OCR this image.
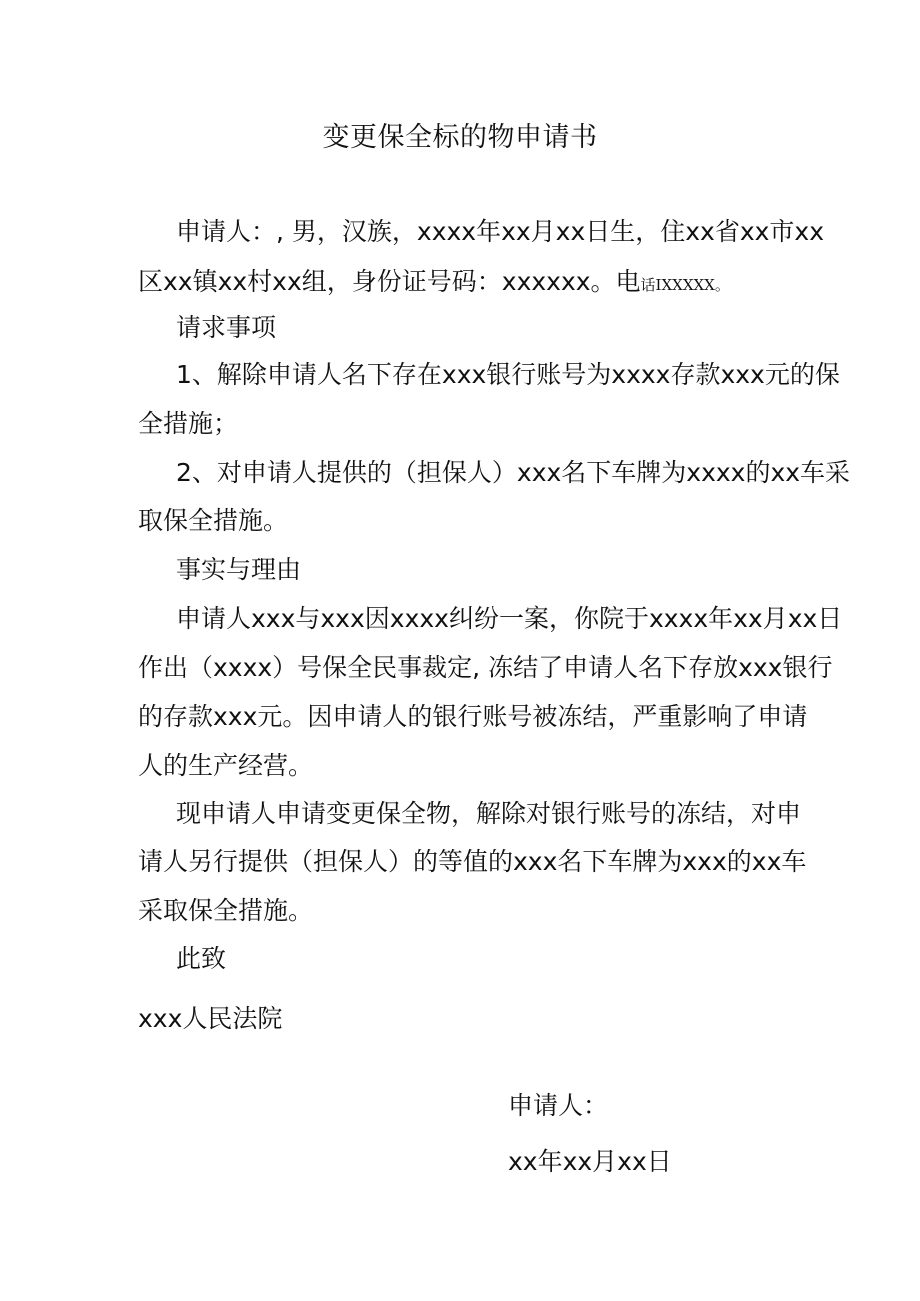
变更保全标的物申请书

申请人：, 男，汉族，xxxx年xx月xx日生，住xx省xx市xx

区xx镇xx村xx组，身份证号码：xxxxxx。电话IXXXXX。

请求事项

1、解除申请人名下存在xxx银行账号为xxxx存款xxx元的保

全措施；

2、对申请人提供的（担保人）xxx名下车牌为xxxx的xx车采

取保全措施。

事实与理由

申请人xxx与xxx因xxxx纠纷一案，你院于xxxx年xx月xx日

作出（xxxx）号保全民事裁定, 冻结了申请人名下存放xxx银行

的存款xxx元。因申请人的银行账号被冻结，严重影响了申请

人的生产经营。

现申请人申请变更保全物，解除对银行账号的冻结，对申

请人另行提供（担保人）的等值的xxx名下车牌为xxx的xx车

采取保全措施。

此致

xxx人民法院

申请人：

xx年xx月xx日
